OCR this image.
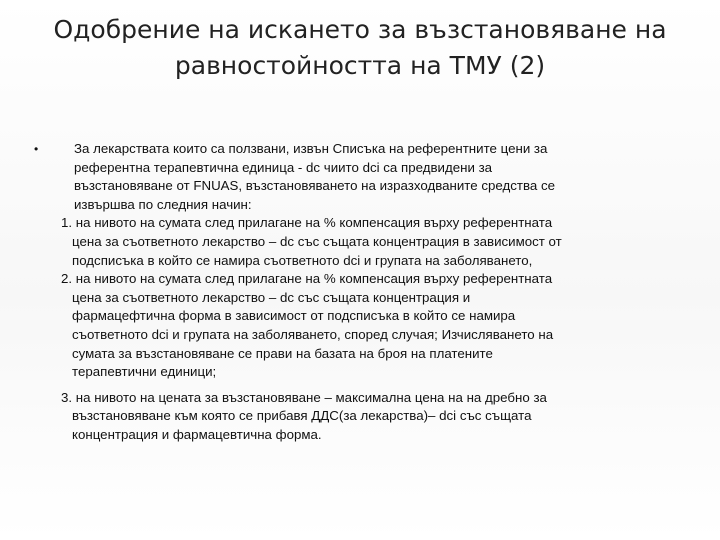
Одобрение на искането за възстановяване на
равностойността на ТМУ (2)
•	За лекарствата които са ползвани, извън Списъка на референтните цени за
референтна терапевтична единица - dc чиито dci са предвидени за
възстановяване от FNUAS, възстановяването на изразходваните средства се
извършва по следния начин:
1. на нивото на сумата след прилагане на % компенсация върху референтната
цена за съответното лекарство – dc със същата концентрация в зависимост от
подсписъка в който се намира съответното dci и групата на заболяването,
2. на нивото на сумата след прилагане на % компенсация върху референтната
цена за съответното лекарство – dc със същата концентрация и
фармацефтична форма в зависимост от подсписъка в който се намира
съответното dci и групата на заболяването, според случая; Изчисляването на
сумата за възстановяване се прави на базата на броя на платените
терапевтични единици;
3. на нивото на цената за възстановяване – максимална цена на на дребно за
възстановяване към която се прибавя ДДС(за лекарства)– dci със същата
концентрация и фармацевтична форма.
